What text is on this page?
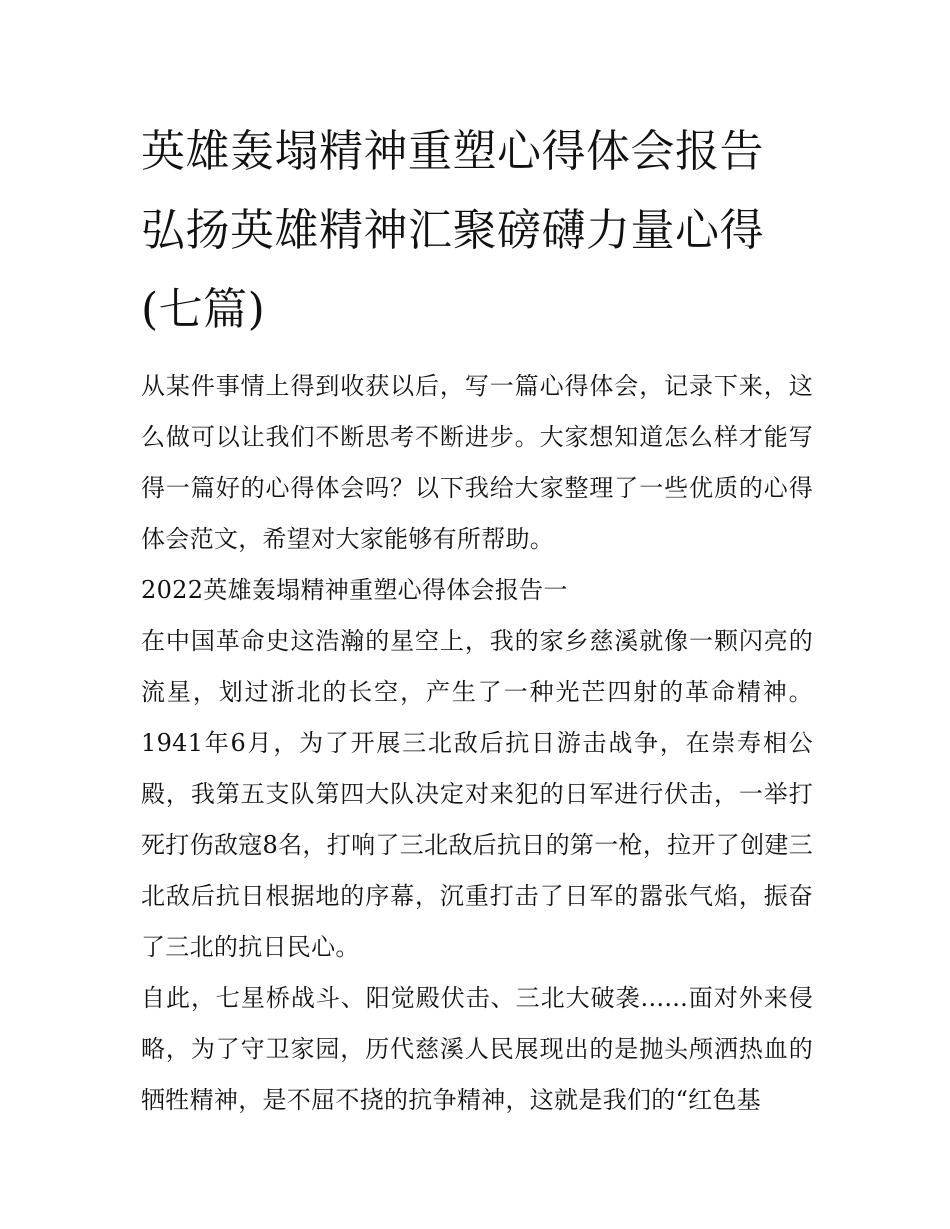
英雄轰塌精神重塑心得体会报告 弘扬英雄精神汇聚磅礴力量心得(七篇)

从某件事情上得到收获以后，写一篇心得体会，记录下来，这么做可以让我们不断思考不断进步。大家想知道怎么样才能写得一篇好的心得体会吗？以下我给大家整理了一些优质的心得体会范文，希望对大家能够有所帮助。

2022英雄轰塌精神重塑心得体会报告一

在中国革命史这浩瀚的星空上，我的家乡慈溪就像一颗闪亮的流星，划过浙北的长空，产生了一种光芒四射的革命精神。1941年6月，为了开展三北敌后抗日游击战争，在崇寿相公殿，我第五支队第四大队决定对来犯的日军进行伏击，一举打死打伤敌寇8名，打响了三北敌后抗日的第一枪，拉开了创建三北敌后抗日根据地的序幕，沉重打击了日军的嚣张气焰，振奋了三北的抗日民心。

自此，七星桥战斗、阳觉殿伏击、三北大破袭......面对外来侵略，为了守卫家园，历代慈溪人民展现出的是抛头颅洒热血的牺牲精神，是不屈不挠的抗争精神，这就是我们的“红色基
